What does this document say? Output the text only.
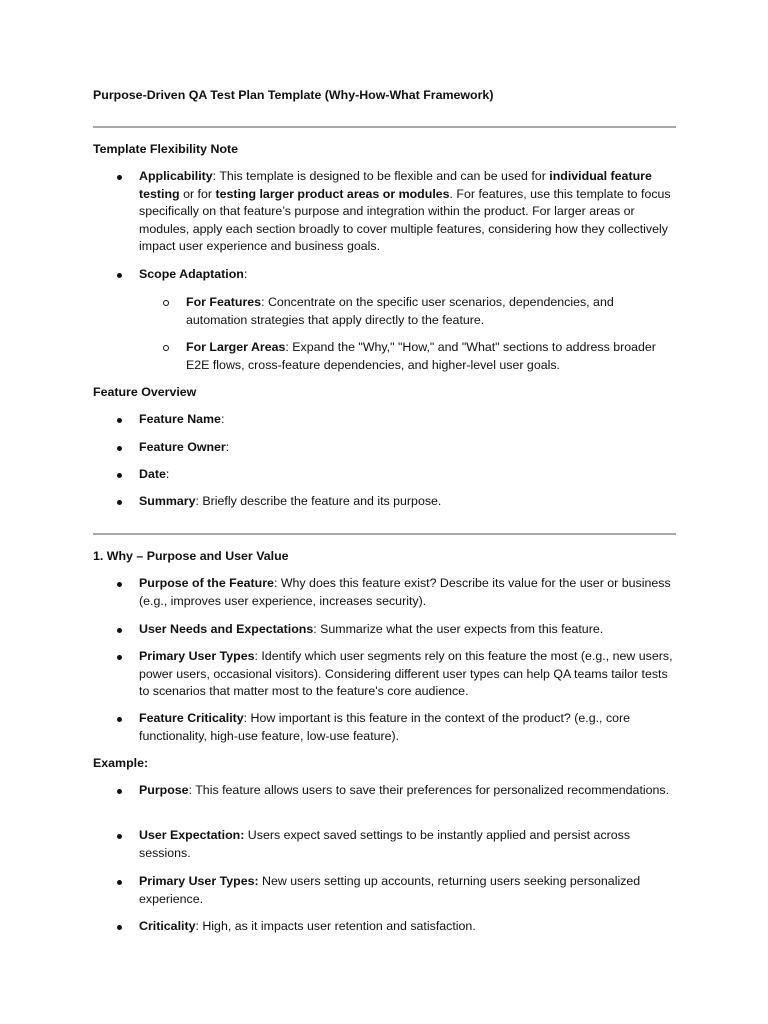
Purpose-Driven QA Test Plan Template (Why-How-What Framework)
Template Flexibility Note
Applicability: This template is designed to be flexible and can be used for individual feature testing or for testing larger product areas or modules. For features, use this template to focus specifically on that feature’s purpose and integration within the product. For larger areas or modules, apply each section broadly to cover multiple features, considering how they collectively impact user experience and business goals.
Scope Adaptation:
For Features: Concentrate on the specific user scenarios, dependencies, and automation strategies that apply directly to the feature.
For Larger Areas: Expand the "Why," "How," and "What" sections to address broader E2E flows, cross-feature dependencies, and higher-level user goals.
Feature Overview
Feature Name:
Feature Owner:
Date:
Summary: Briefly describe the feature and its purpose.
1. Why – Purpose and User Value
Purpose of the Feature: Why does this feature exist? Describe its value for the user or business (e.g., improves user experience, increases security).
User Needs and Expectations: Summarize what the user expects from this feature.
Primary User Types: Identify which user segments rely on this feature the most (e.g., new users, power users, occasional visitors). Considering different user types can help QA teams tailor tests to scenarios that matter most to the feature's core audience.
Feature Criticality: How important is this feature in the context of the product? (e.g., core functionality, high-use feature, low-use feature).
Example:
Purpose: This feature allows users to save their preferences for personalized recommendations.
User Expectation: Users expect saved settings to be instantly applied and persist across sessions.
Primary User Types: New users setting up accounts, returning users seeking personalized experience.
Criticality: High, as it impacts user retention and satisfaction.
